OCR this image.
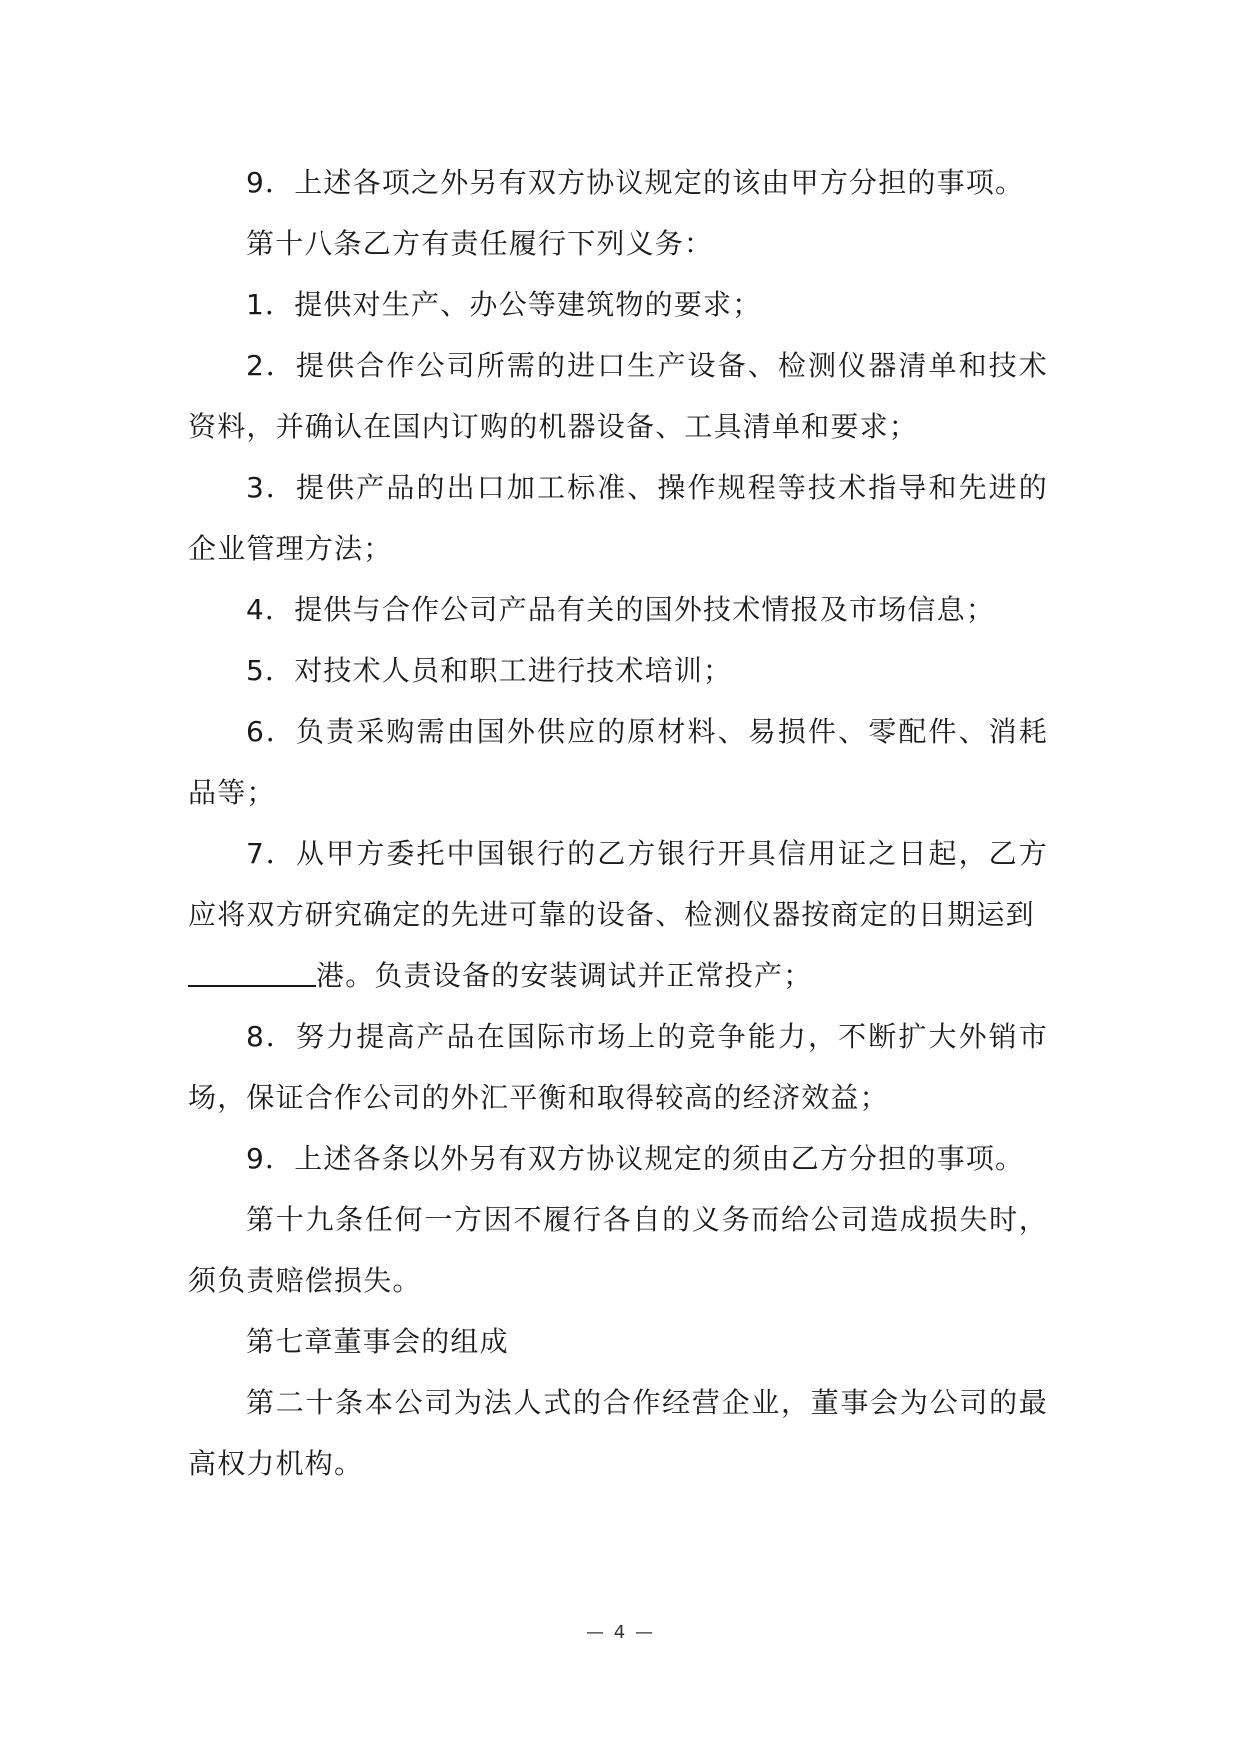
9．上述各项之外另有双方协议规定的该由甲方分担的事项。

第十八条乙方有责任履行下列义务：

1．提供对生产、办公等建筑物的要求；

2．提供合作公司所需的进口生产设备、检测仪器清单和技术资料，并确认在国内订购的机器设备、工具清单和要求；

3．提供产品的出口加工标准、操作规程等技术指导和先进的企业管理方法；

4．提供与合作公司产品有关的国外技术情报及市场信息；

5．对技术人员和职工进行技术培训；

6．负责采购需由国外供应的原材料、易损件、零配件、消耗品等；

7．从甲方委托中国银行的乙方银行开具信用证之日起，乙方应将双方研究确定的先进可靠的设备、检测仪器按商定的日期运到

港。负责设备的安装调试并正常投产；

8．努力提高产品在国际市场上的竞争能力，不断扩大外销市场，保证合作公司的外汇平衡和取得较高的经济效益；

9．上述各条以外另有双方协议规定的须由乙方分担的事项。

第十九条任何一方因不履行各自的义务而给公司造成损失时，须负责赔偿损失。

第七章董事会的组成

第二十条本公司为法人式的合作经营企业，董事会为公司的最高权力机构。

— 4 —
